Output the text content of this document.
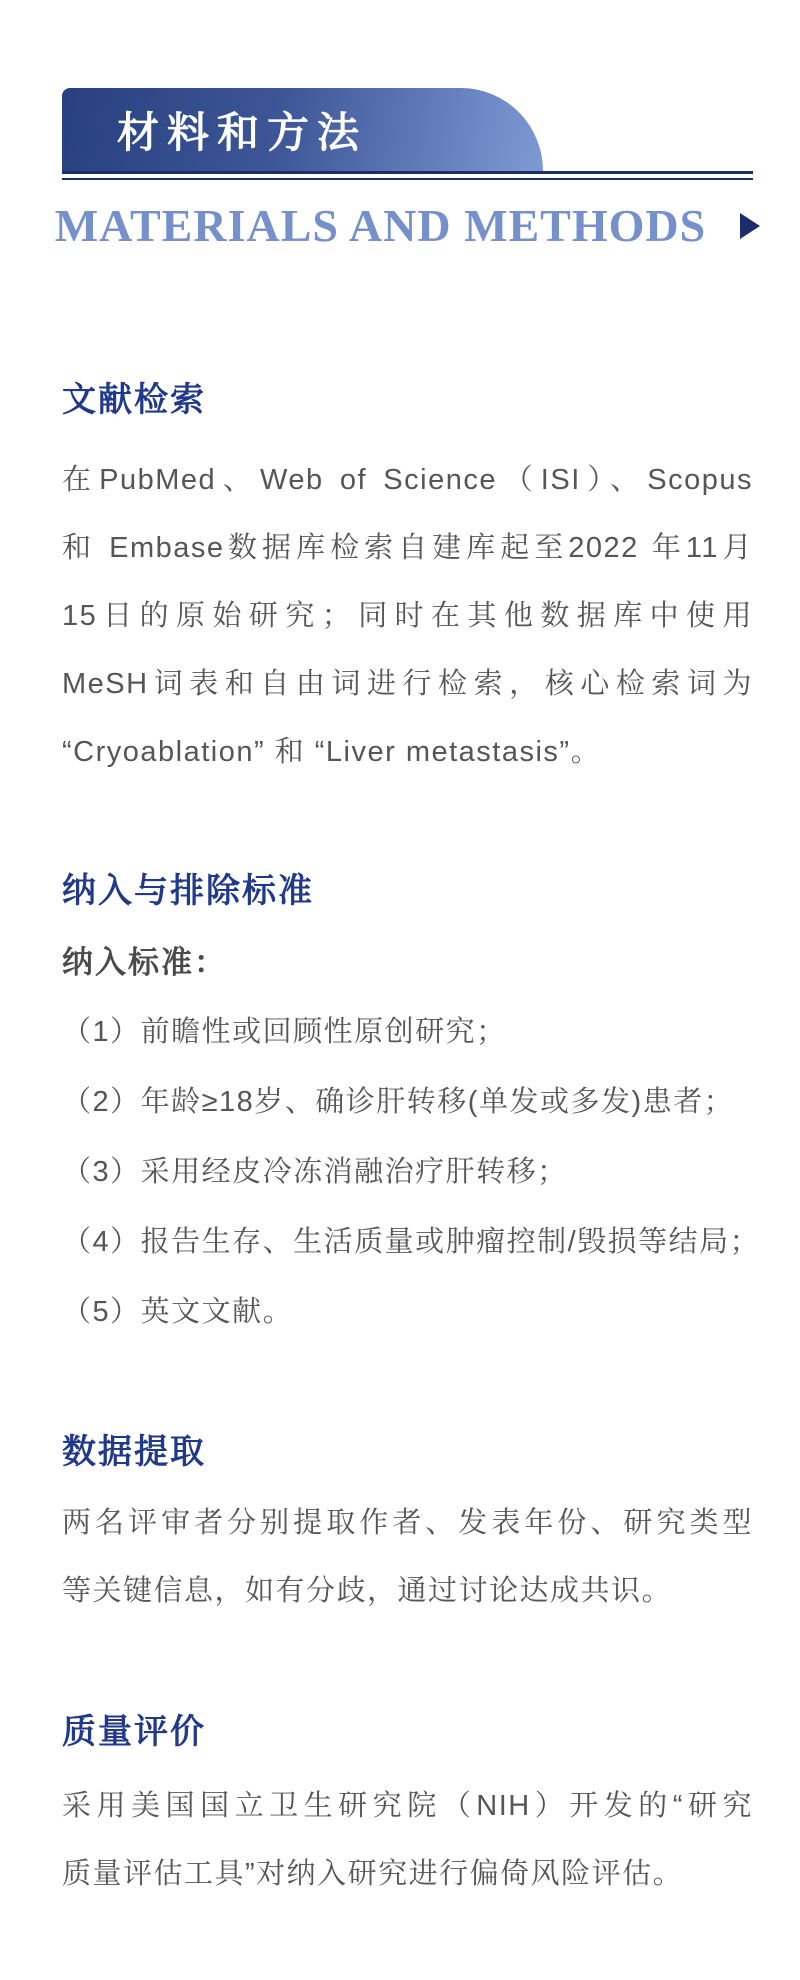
材料和方法
MATERIALS AND METHODS
文献检索
在PubMed、Web of Science（ISI）、Scopus
和 Embase数据库检索自建库起至2022 年11月
15日的原始研究；同时在其他数据库中使用
MeSH词表和自由词进行检索，核心检索词为
“Cryoablation” 和 “Liver metastasis”。
纳入与排除标准
纳入标准：
（1）前瞻性或回顾性原创研究；
（2）年龄≥18岁、确诊肝转移(单发或多发)患者；
（3）采用经皮冷冻消融治疗肝转移；
（4）报告生存、生活质量或肿瘤控制/毁损等结局；
（5）英文文献。
数据提取
两名评审者分别提取作者、发表年份、研究类型
等关键信息，如有分歧，通过讨论达成共识。
质量评价
采用美国国立卫生研究院（NIH）开发的“研究
质量评估工具”对纳入研究进行偏倚风险评估。
